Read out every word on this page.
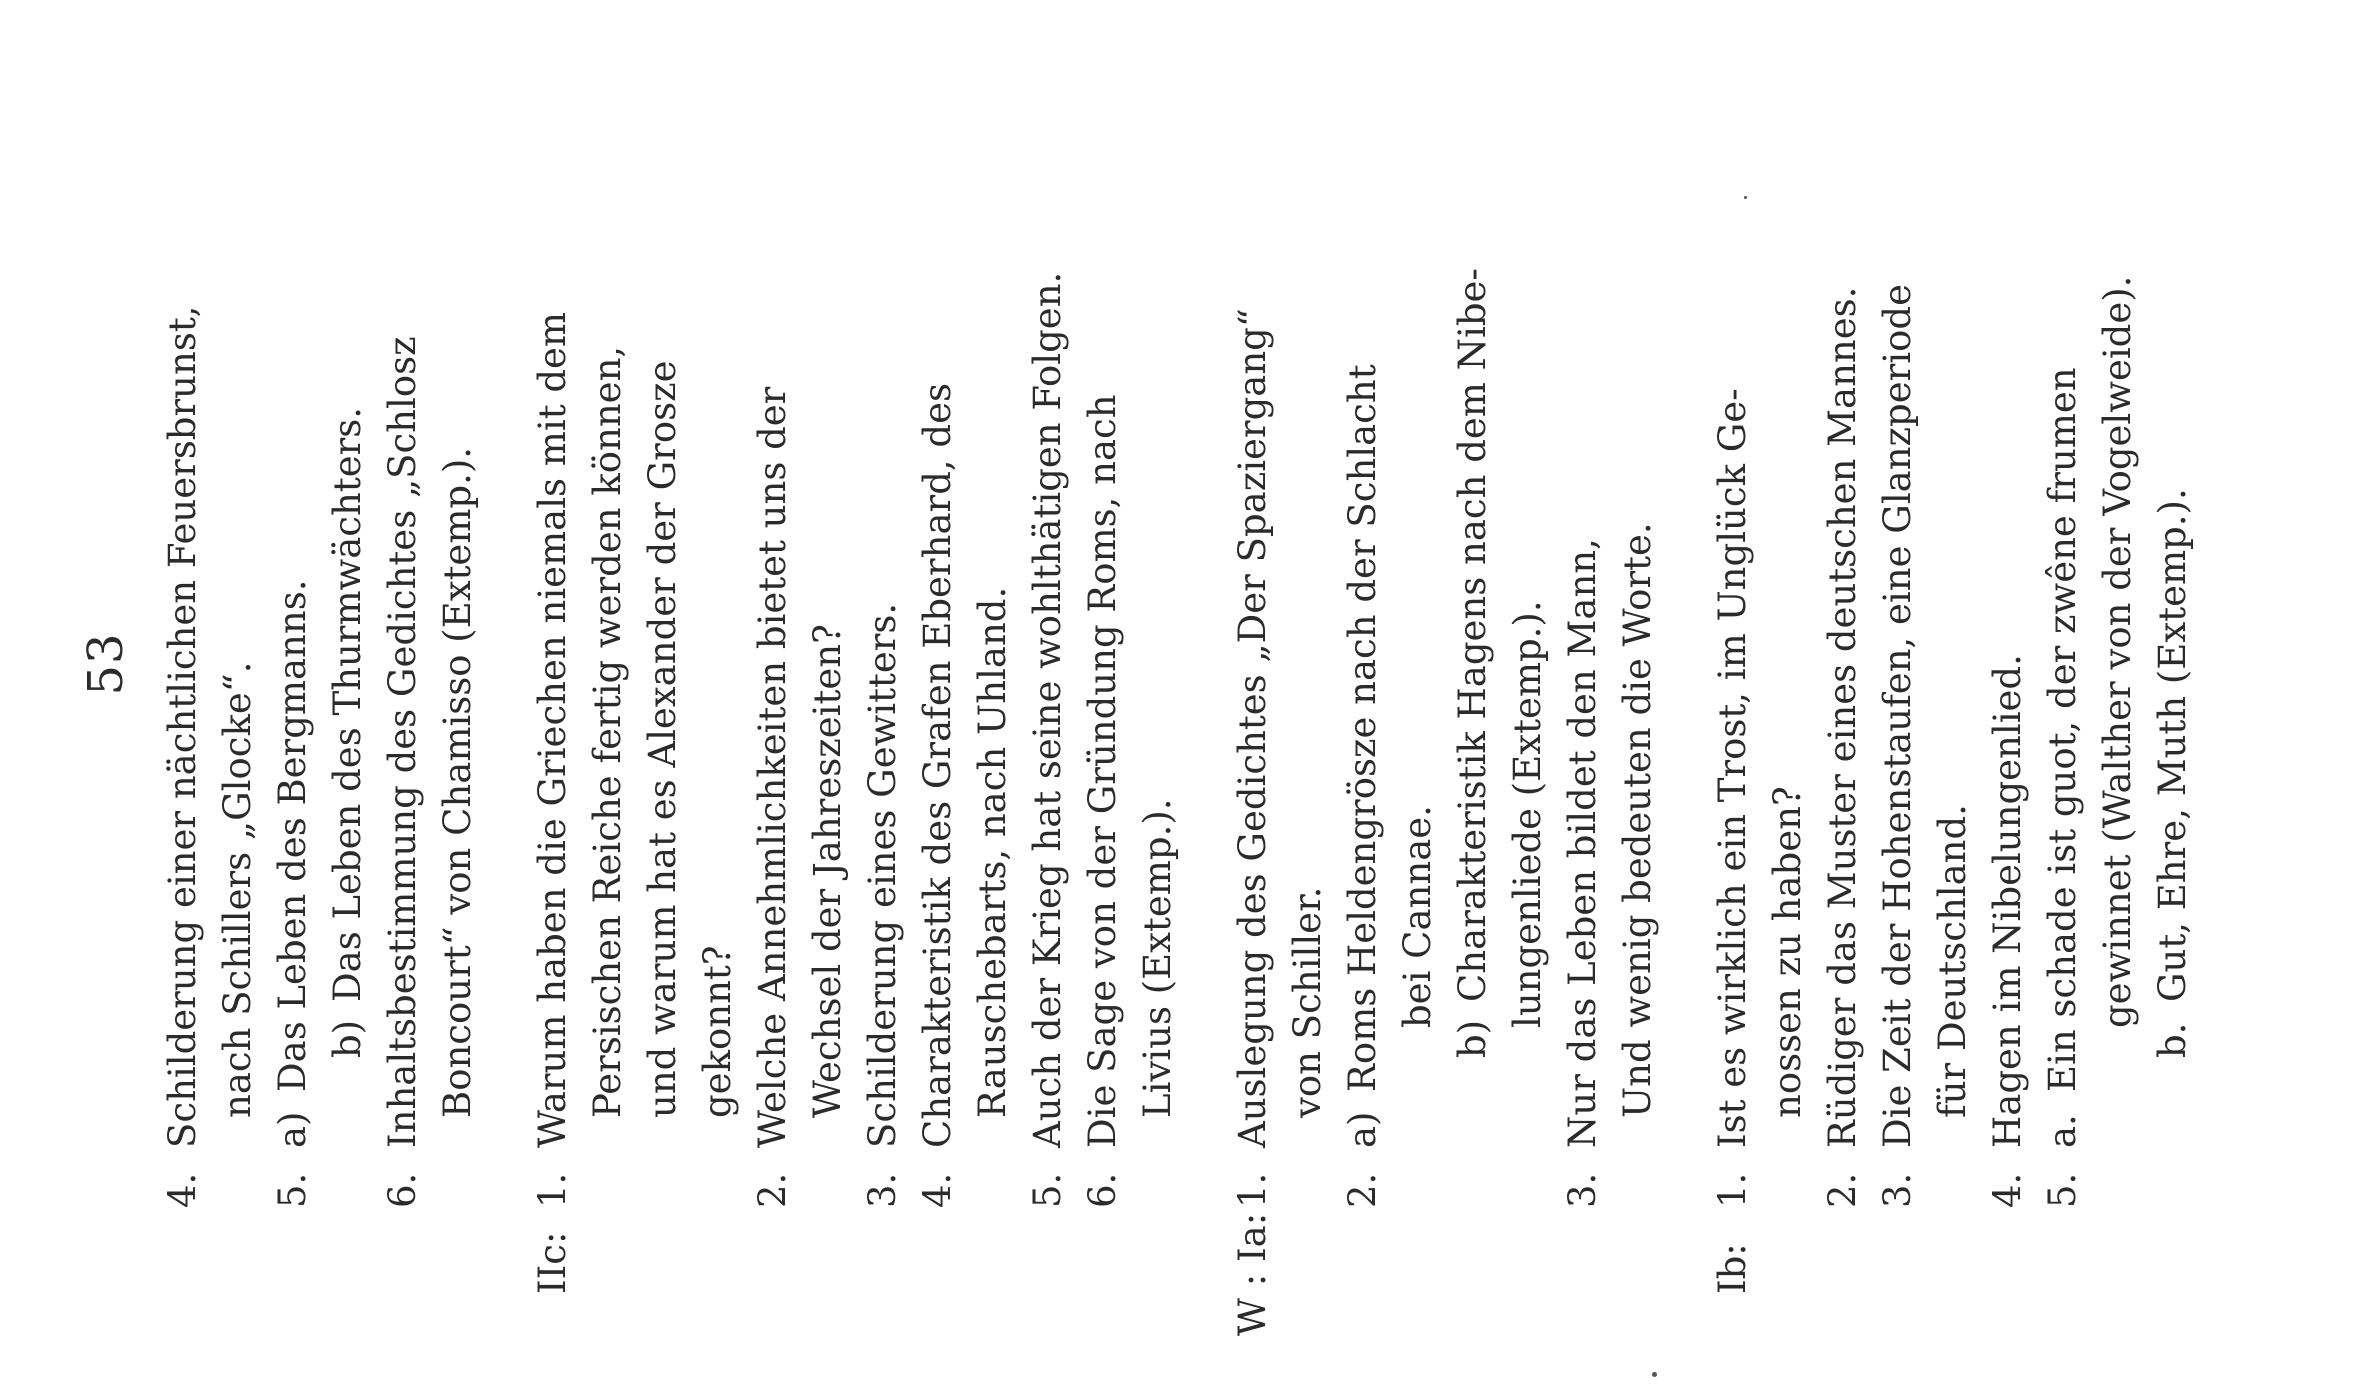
53
4.
Schilderung einer nächtlichen Feuersbrunst, nach Schillers „Glocke“.
5.
a)
Das Leben des Bergmanns. b)
Das Leben des Thurmwächters.
6.
Inhaltsbestimmung des Gedichtes „Schlosz Boncourt“ von Chamisso (Extemp.).
IIc:
1.
Warum haben die Griechen niemals mit dem Persischen Reiche fertig werden können, und warum hat es Alexander der Grosze gekonnt?
2.
Welche Annehmlichkeiten bietet uns der Wechsel der Jahreszeiten?
3.
Schilderung eines Gewitters.
4.
Charakteristik des Grafen Eberhard, des Rauschebarts, nach Uhland.
5.
Auch der Krieg hat seine wohlthätigen Folgen.
6.
Die Sage von der Gründung Roms, nach Livius (Extemp.).
W : Ia:
1.
Auslegung des Gedichtes „Der Spaziergang“ von Schiller.
2.
a)
Roms Heldengrösze nach der Schlacht bei Cannae.
b)
Charakteristik Hagens nach dem Nibe- lungenliede (Extemp.).
3.
Nur das Leben bildet den Mann, Und wenig bedeuten die Worte.
Ib:
1.
Ist es wirklich ein Trost, im Unglück Ge- nossen zu haben?
2.
Rüdiger das Muster eines deutschen Mannes.
3.
Die Zeit der Hohenstaufen, eine Glanzperiode für Deutschland.
4.
Hagen im Nibelungenlied.
5.
a.
Ein schade ist guot, der zwêne frumen gewinnet (Walther von der Vogelweide).
b.
Gut, Ehre, Muth (Extemp.).
